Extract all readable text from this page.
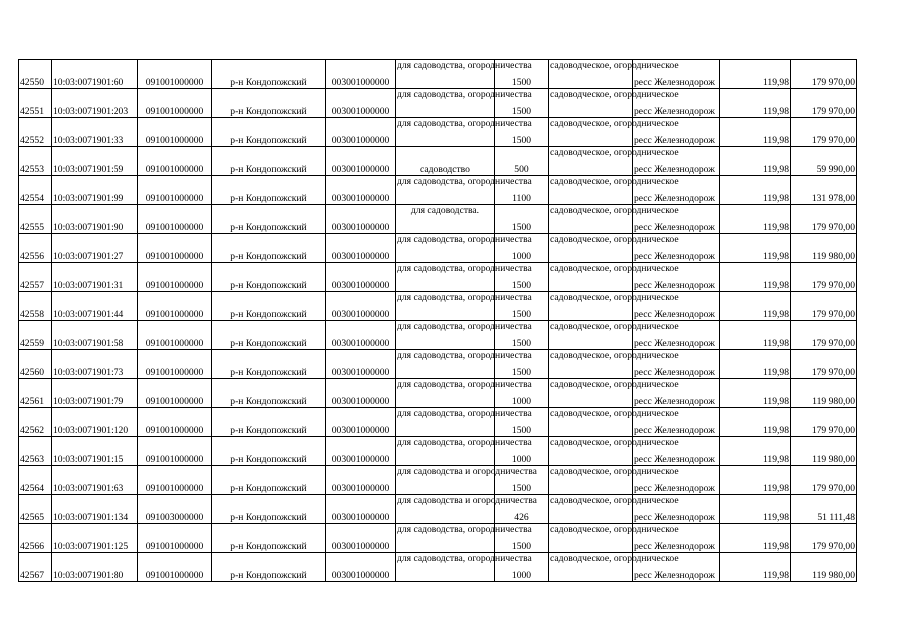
42550	10:03:0071901:60	091001000000	р-н Кондопожский	003001000000	для садоводства, огородничества	1500	садоводческое, огородническое	ресс Железнодорож	119,98	179 970,00
42551	10:03:0071901:203	091001000000	р-н Кондопожский	003001000000	для садоводства, огородничества	1500	садоводческое, огородническое	ресс Железнодорож	119,98	179 970,00
42552	10:03:0071901:33	091001000000	р-н Кондопожский	003001000000	для садоводства, огородничества	1500	садоводческое, огородническое	ресс Железнодорож	119,98	179 970,00
42553	10:03:0071901:59	091001000000	р-н Кондопожский	003001000000	садоводство	500	садоводческое, огородническое	ресс Железнодорож	119,98	59 990,00
42554	10:03:0071901:99	091001000000	р-н Кондопожский	003001000000	для садоводства, огородничества	1100	садоводческое, огородническое	ресс Железнодорож	119,98	131 978,00
42555	10:03:0071901:90	091001000000	р-н Кондопожский	003001000000	для садоводства.	1500	садоводческое, огородническое	ресс Железнодорож	119,98	179 970,00
42556	10:03:0071901:27	091001000000	р-н Кондопожский	003001000000	для садоводства, огородничества	1000	садоводческое, огородническое	ресс Железнодорож	119,98	119 980,00
42557	10:03:0071901:31	091001000000	р-н Кондопожский	003001000000	для садоводства, огородничества	1500	садоводческое, огородническое	ресс Железнодорож	119,98	179 970,00
42558	10:03:0071901:44	091001000000	р-н Кондопожский	003001000000	для садоводства, огородничества	1500	садоводческое, огородническое	ресс Железнодорож	119,98	179 970,00
42559	10:03:0071901:58	091001000000	р-н Кондопожский	003001000000	для садоводства, огородничества	1500	садоводческое, огородническое	ресс Железнодорож	119,98	179 970,00
42560	10:03:0071901:73	091001000000	р-н Кондопожский	003001000000	для садоводства, огородничества	1500	садоводческое, огородническое	ресс Железнодорож	119,98	179 970,00
42561	10:03:0071901:79	091001000000	р-н Кондопожский	003001000000	для садоводства, огородничества	1000	садоводческое, огородническое	ресс Железнодорож	119,98	119 980,00
42562	10:03:0071901:120	091001000000	р-н Кондопожский	003001000000	для садоводства, огородничества	1500	садоводческое, огородническое	ресс Железнодорож	119,98	179 970,00
42563	10:03:0071901:15	091001000000	р-н Кондопожский	003001000000	для садоводства, огородничества	1000	садоводческое, огородническое	ресс Железнодорож	119,98	119 980,00
42564	10:03:0071901:63	091001000000	р-н Кондопожский	003001000000	для садоводства и огородничества	1500	садоводческое, огородническое	ресс Железнодорож	119,98	179 970,00
42565	10:03:0071901:134	091003000000	р-н Кондопожский	003001000000	для садоводства и огородничества	426	садоводческое, огородническое	ресс Железнодорож	119,98	51 111,48
42566	10:03:0071901:125	091001000000	р-н Кондопожский	003001000000	для садоводства, огородничества	1500	садоводческое, огородническое	ресс Железнодорож	119,98	179 970,00
42567	10:03:0071901:80	091001000000	р-н Кондопожский	003001000000	для садоводства, огородничества	1000	садоводческое, огородническое	ресс Железнодорож	119,98	119 980,00
